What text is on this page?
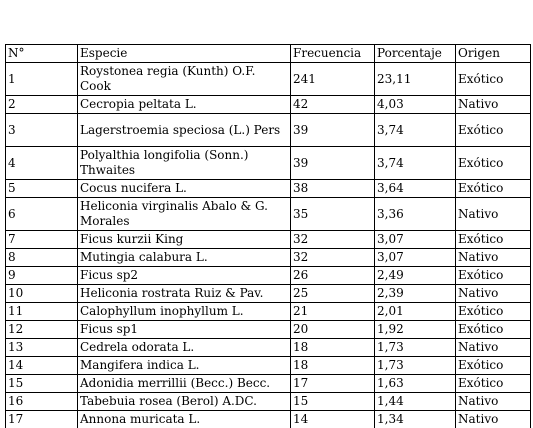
N°	Especie	Frecuencia	Porcentaje	Origen
1	Roystonea regia (Kunth) O.F. Cook	241	23,11	Exótico
2	Cecropia peltata L.	42	4,03	Nativo
3	Lagerstroemia speciosa (L.) Pers	39	3,74	Exótico
4	Polyalthia longifolia (Sonn.) Thwaites	39	3,74	Exótico
5	Cocus nucifera L.	38	3,64	Exótico
6	Heliconia virginalis Abalo & G. Morales	35	3,36	Nativo
7	Ficus kurzii King	32	3,07	Exótico
8	Mutingia calabura L.	32	3,07	Nativo
9	Ficus sp2	26	2,49	Exótico
10	Heliconia rostrata Ruiz & Pav.	25	2,39	Nativo
11	Calophyllum inophyllum L.	21	2,01	Exótico
12	Ficus sp1	20	1,92	Exótico
13	Cedrela odorata L.	18	1,73	Nativo
14	Mangifera indica L.	18	1,73	Exótico
15	Adonidia merrillii (Becc.) Becc.	17	1,63	Exótico
16	Tabebuia rosea (Berol) A.DC.	15	1,44	Nativo
17	Annona muricata L.	14	1,34	Nativo
